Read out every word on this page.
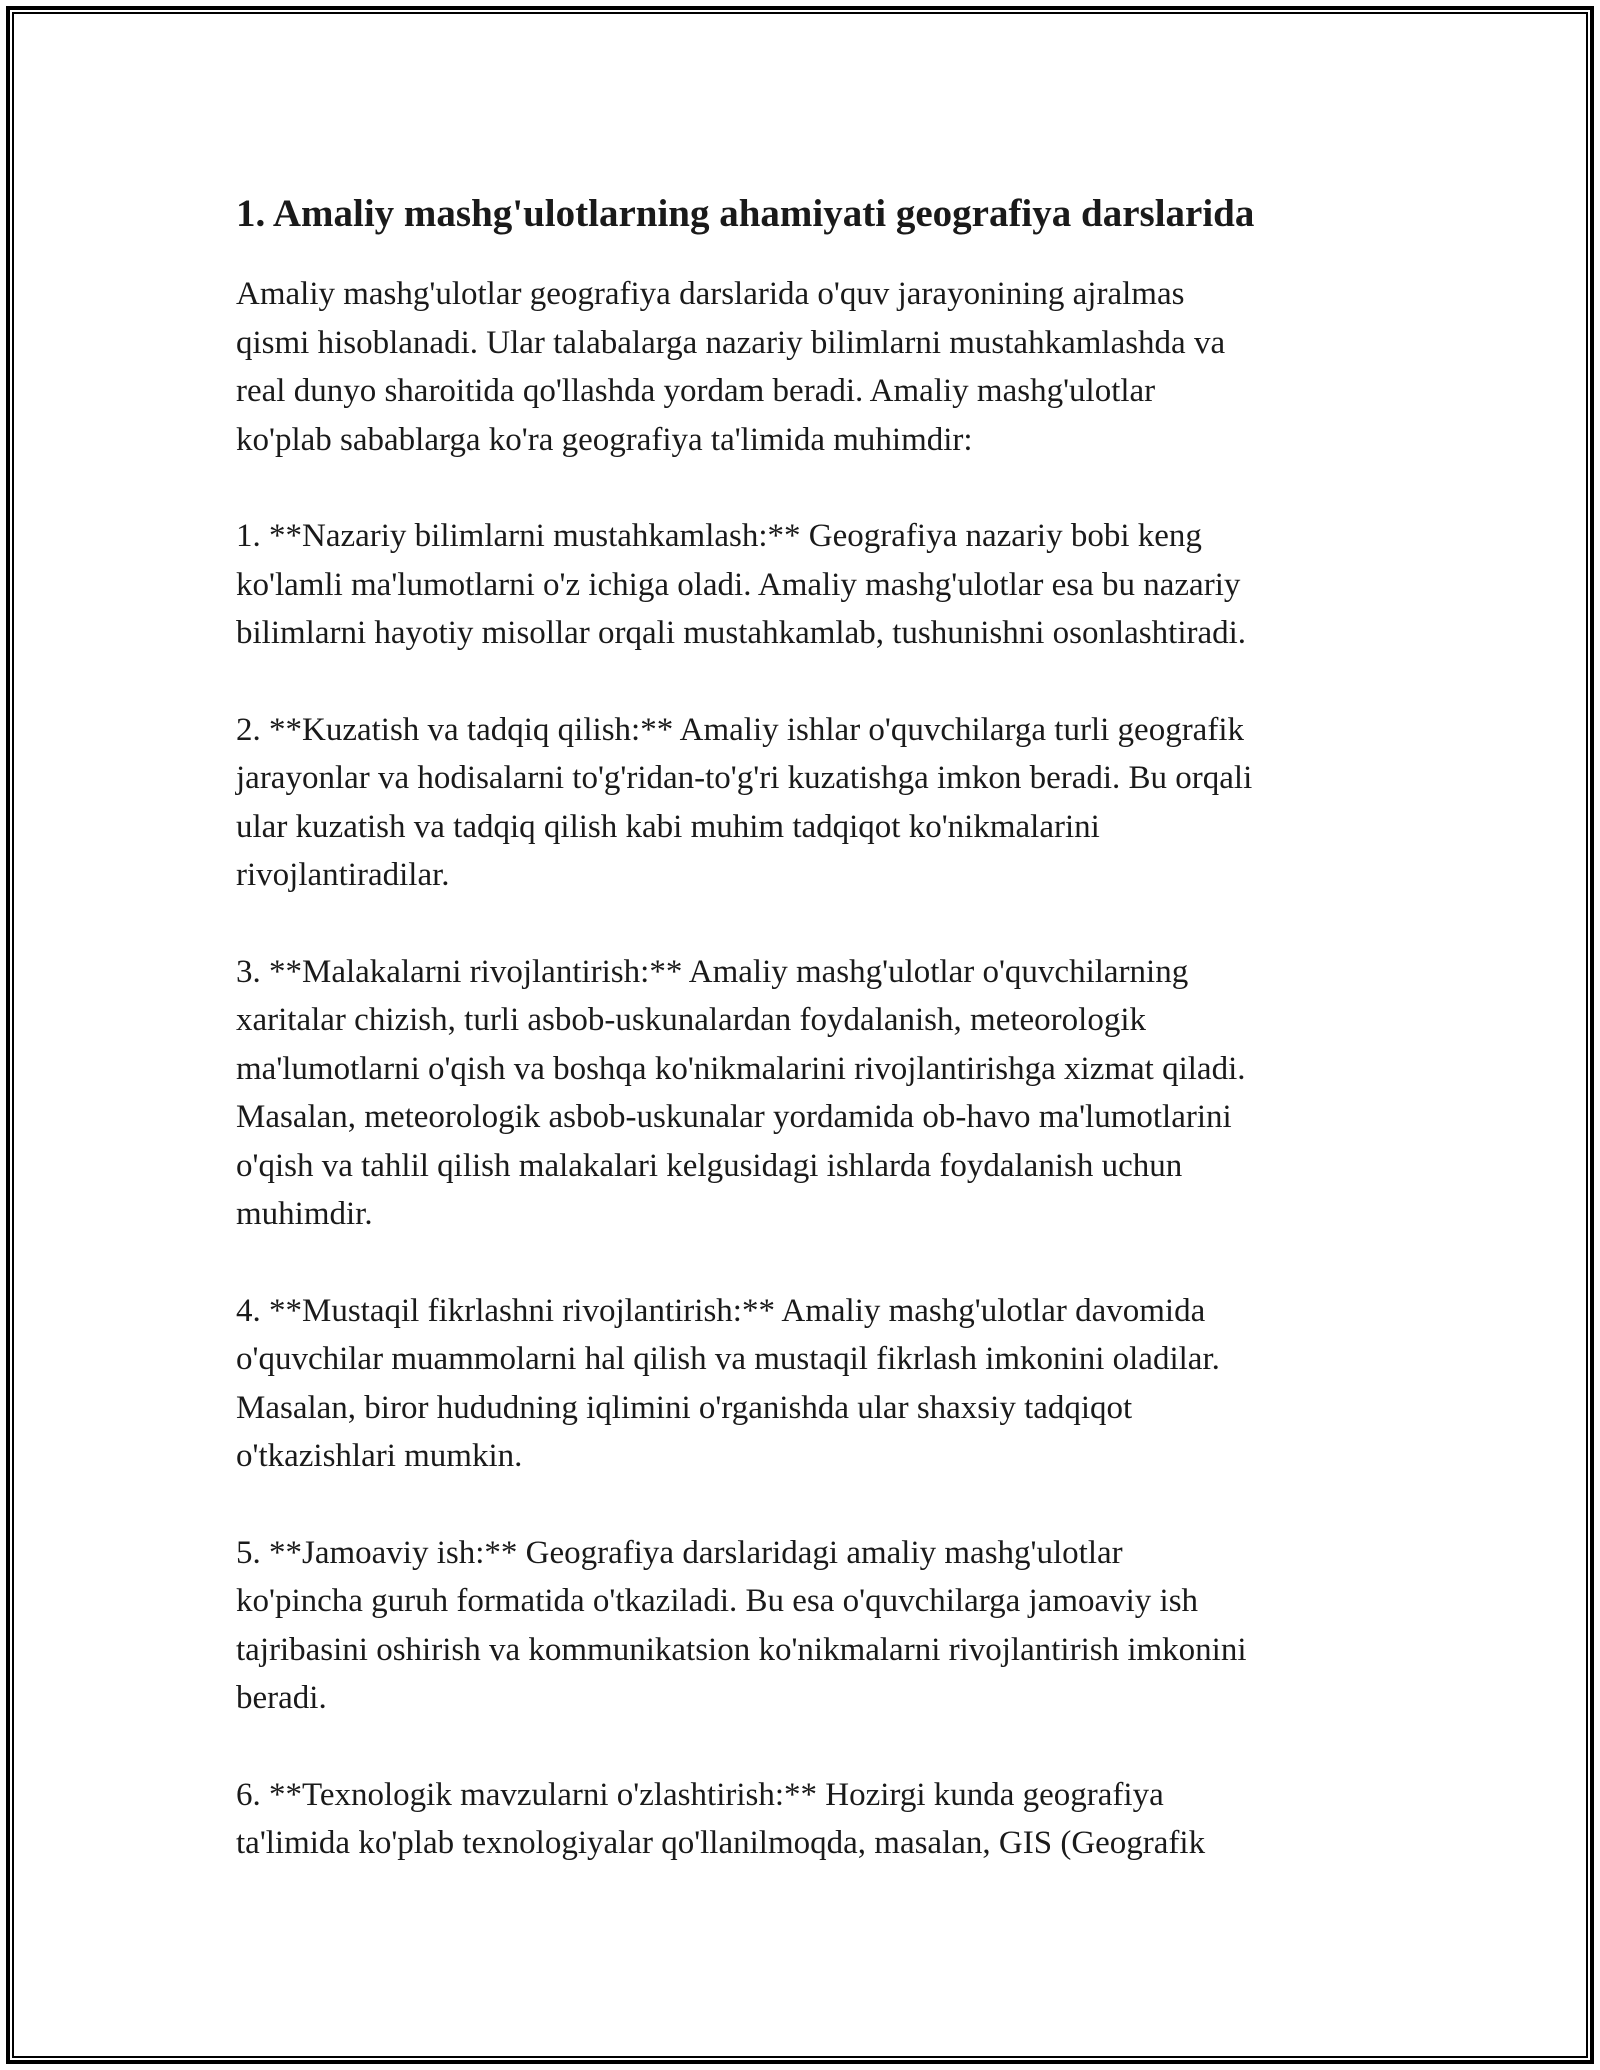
1. Amaliy mashg'ulotlarning ahamiyati geografiya darslarida

Amaliy mashg'ulotlar geografiya darslarida o'quv jarayonining ajralmas
qismi hisoblanadi. Ular talabalarga nazariy bilimlarni mustahkamlashda va
real dunyo sharoitida qo'llashda yordam beradi. Amaliy mashg'ulotlar
ko'plab sabablarga ko'ra geografiya ta'limida muhimdir:

1. **Nazariy bilimlarni mustahkamlash:** Geografiya nazariy bobi keng
ko'lamli ma'lumotlarni o'z ichiga oladi. Amaliy mashg'ulotlar esa bu nazariy
bilimlarni hayotiy misollar orqali mustahkamlab, tushunishni osonlashtiradi.

2. **Kuzatish va tadqiq qilish:** Amaliy ishlar o'quvchilarga turli geografik
jarayonlar va hodisalarni to'g'ridan-to'g'ri kuzatishga imkon beradi. Bu orqali
ular kuzatish va tadqiq qilish kabi muhim tadqiqot ko'nikmalarini
rivojlantiradilar.

3. **Malakalarni rivojlantirish:** Amaliy mashg'ulotlar o'quvchilarning
xaritalar chizish, turli asbob-uskunalardan foydalanish, meteorologik
ma'lumotlarni o'qish va boshqa ko'nikmalarini rivojlantirishga xizmat qiladi.
Masalan, meteorologik asbob-uskunalar yordamida ob-havo ma'lumotlarini
o'qish va tahlil qilish malakalari kelgusidagi ishlarda foydalanish uchun
muhimdir.

4. **Mustaqil fikrlashni rivojlantirish:** Amaliy mashg'ulotlar davomida
o'quvchilar muammolarni hal qilish va mustaqil fikrlash imkonini oladilar.
Masalan, biror hududning iqlimini o'rganishda ular shaxsiy tadqiqot
o'tkazishlari mumkin.

5. **Jamoaviy ish:** Geografiya darslaridagi amaliy mashg'ulotlar
ko'pincha guruh formatida o'tkaziladi. Bu esa o'quvchilarga jamoaviy ish
tajribasini oshirish va kommunikatsion ko'nikmalarni rivojlantirish imkonini
beradi.

6. **Texnologik mavzularni o'zlashtirish:** Hozirgi kunda geografiya
ta'limida ko'plab texnologiyalar qo'llanilmoqda, masalan, GIS (Geografik
